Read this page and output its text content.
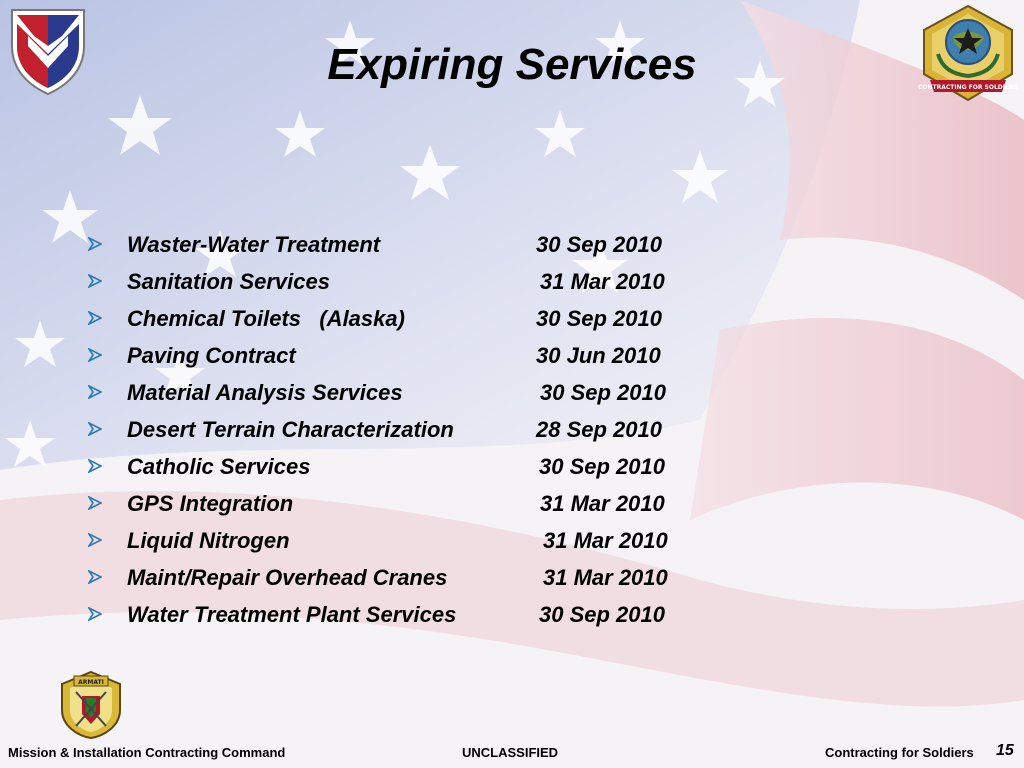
CONTRACTING FOR SOLDIERS
ARMATI
Expiring Services
Waster-Water Treatment	30 Sep 2010
Sanitation Services	31 Mar 2010
Chemical Toilets   (Alaska)	30 Sep 2010
Paving Contract	30 Jun 2010
Material Analysis Services	30 Sep 2010
Desert Terrain Characterization	28 Sep 2010
Catholic Services	30 Sep 2010
GPS Integration	31 Mar 2010
Liquid Nitrogen	31 Mar 2010
Maint/Repair Overhead Cranes	31 Mar 2010
Water Treatment Plant Services	30 Sep 2010
Mission & Installation Contracting Command	UNCLASSIFIED	Contracting for Soldiers 15
